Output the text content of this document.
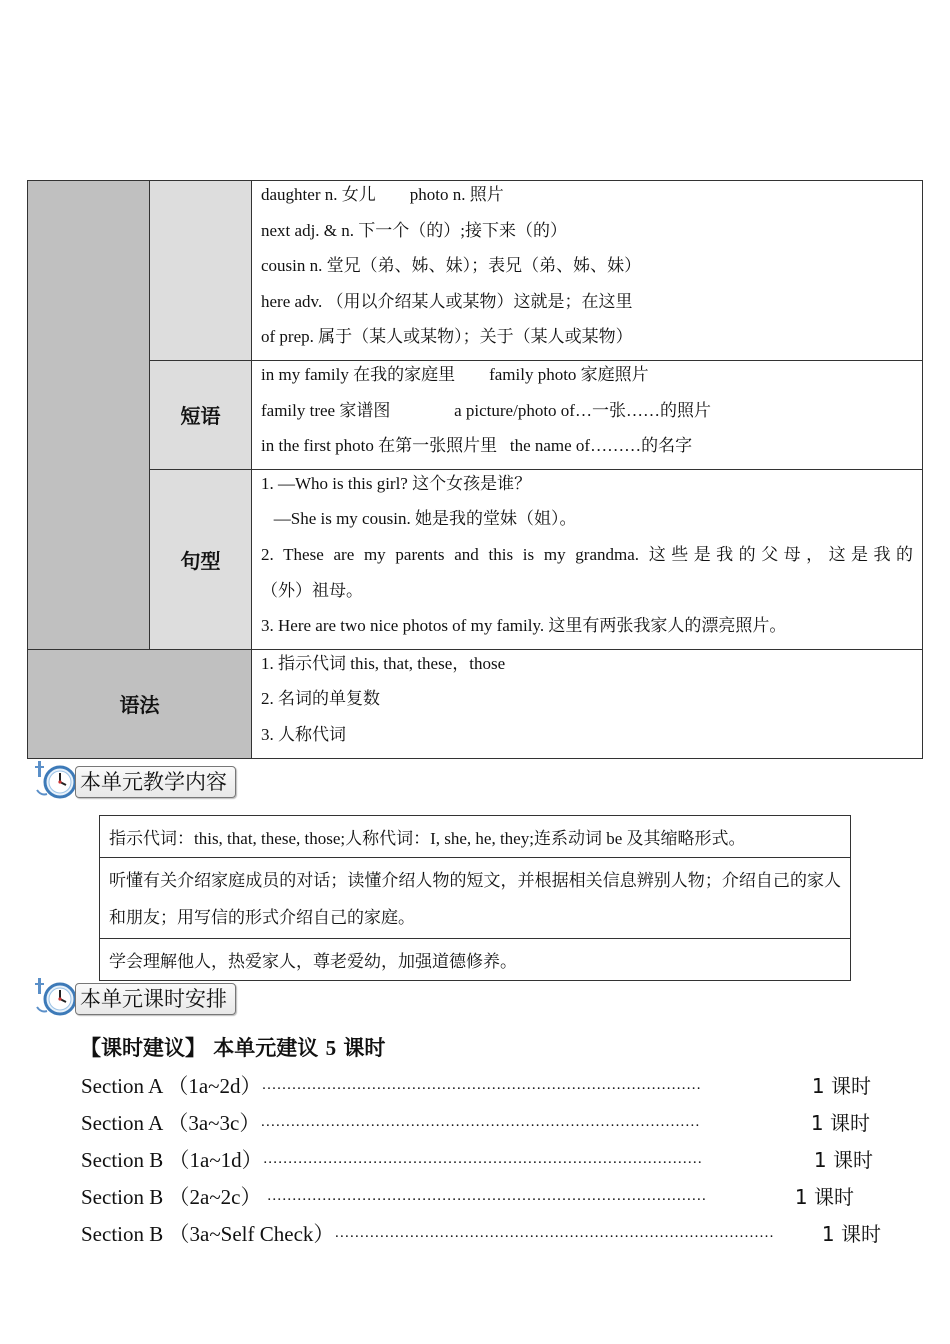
		daughter n. 女儿        photo n. 照片
next adj. & n. 下一个（的）;接下来（的）
cousin n. 堂兄（弟、姊、妹）；表兄（弟、姊、妹）
here adv. （用以介绍某人或某物）这就是；在这里
of prep. 属于（某人或某物）；关于（某人或某物）

	短语	in my family 在我的家庭里        family photo 家庭照片
family tree 家谱图               a picture/photo of…一张……的照片
in the first photo 在第一张照片里   the name of………的名字

	句型	1. —Who is this girl? 这个女孩是谁？
—She is my cousin. 她是我的堂妹（姐）。
2. These are my parents and this is my grandma. 这些是我的父母，这是我的
（外）祖母。
3. Here are two nice photos of my family. 这里有两张我家人的漂亮照片。

语法		1. 指示代词 this, that, these，those
2. 名词的单复数
3. 人称代词
本单元教学内容
指示代词：this, that, these, those;人称代词：I, she, he, they;连系动词 be 及其缩略形式。
听懂有关介绍家庭成员的对话；读懂介绍人物的短文，并根据相关信息辨别人物；介绍自己的家人和朋友；用写信的形式介绍自己的家庭。
学会理解他人，热爱家人，尊老爱幼，加强道德修养。
本单元课时安排
【课时建议】 本单元建议 5 课时
Section A （1a~2d） ························································································	1 课时
Section A （3a~3c） ························································································	1 课时
Section B （1a~1d） ························································································	1 课时
Section B （2a~2c） ························································································	1 课时
Section B （3a~Self Check） ························································································	1 课时
